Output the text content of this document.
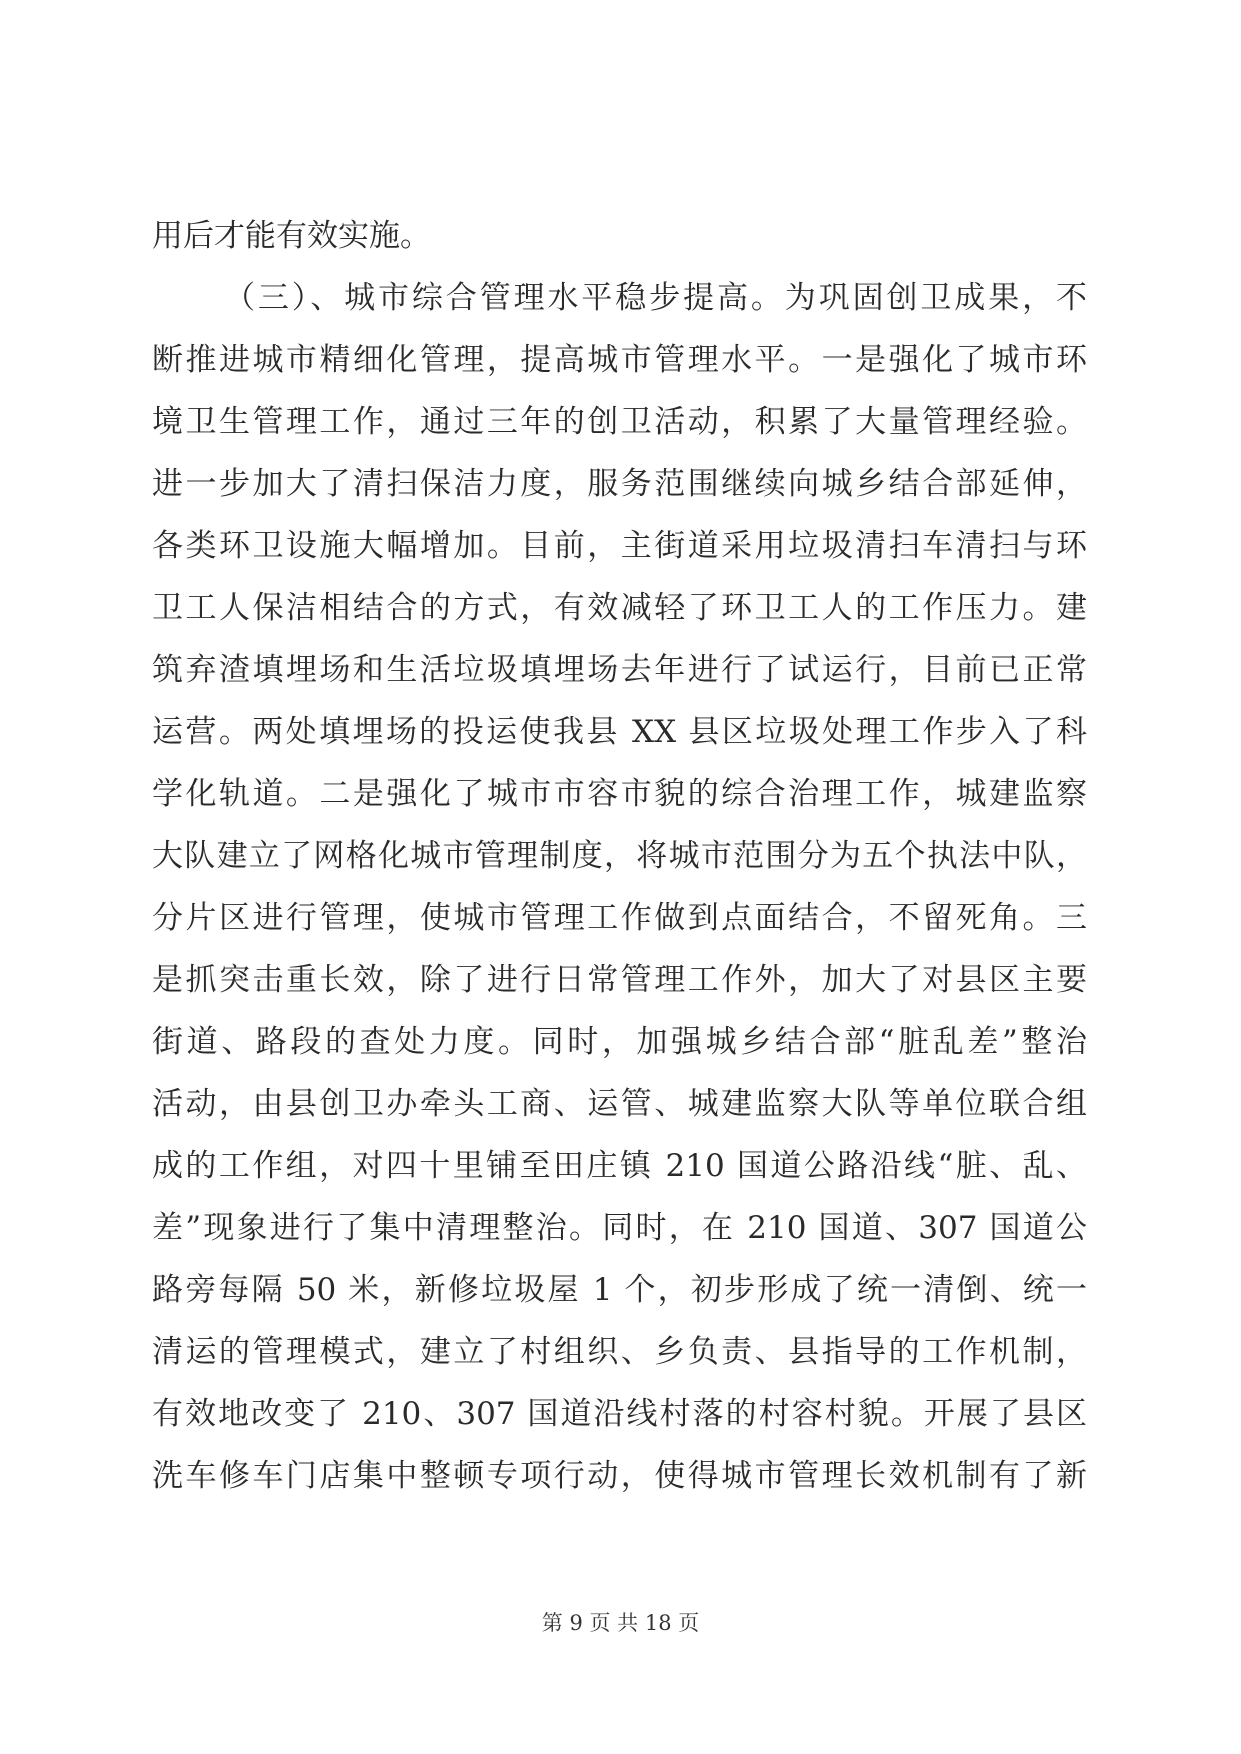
用后才能有效实施。
（三）、城市综合管理水平稳步提高。为巩固创卫成果，不
断推进城市精细化管理，提高城市管理水平。一是强化了城市环
境卫生管理工作，通过三年的创卫活动，积累了大量管理经验。
进一步加大了清扫保洁力度，服务范围继续向城乡结合部延伸，
各类环卫设施大幅增加。目前，主街道采用垃圾清扫车清扫与环
卫工人保洁相结合的方式，有效减轻了环卫工人的工作压力。建
筑弃渣填埋场和生活垃圾填埋场去年进行了试运行，目前已正常
运营。两处填埋场的投运使我县 XX 县区垃圾处理工作步入了科
学化轨道。二是强化了城市市容市貌的综合治理工作，城建监察
大队建立了网格化城市管理制度，将城市范围分为五个执法中队，
分片区进行管理，使城市管理工作做到点面结合，不留死角。三
是抓突击重长效，除了进行日常管理工作外，加大了对县区主要
街道、路段的查处力度。同时，加强城乡结合部“脏乱差”整治
活动，由县创卫办牵头工商、运管、城建监察大队等单位联合组
成的工作组，对四十里铺至田庄镇 210 国道公路沿线“脏、乱、
差”现象进行了集中清理整治。同时，在 210 国道、307 国道公
路旁每隔 50 米，新修垃圾屋 1 个，初步形成了统一清倒、统一
清运的管理模式，建立了村组织、乡负责、县指导的工作机制，
有效地改变了 210、307 国道沿线村落的村容村貌。开展了县区
洗车修车门店集中整顿专项行动，使得城市管理长效机制有了新
第 9 页 共 18 页
